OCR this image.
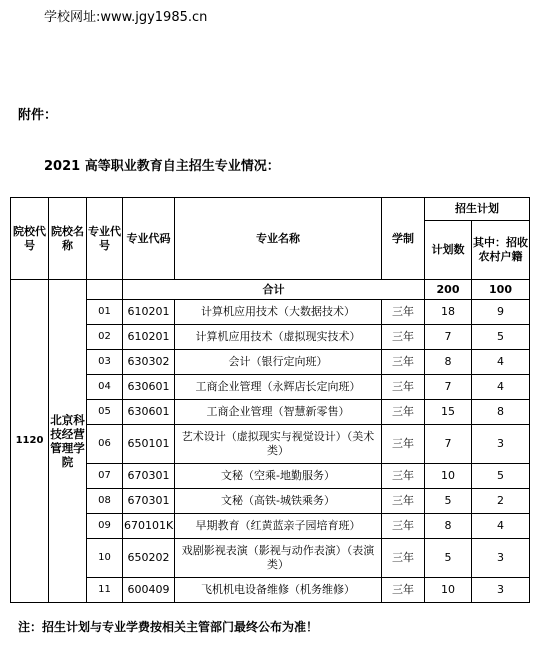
学校网址:www.jgy1985.cn
附件：
2021 高等职业教育自主招生专业情况：
院校代号	院校名称	专业代号	专业代码	专业名称	学制	招生计划	
						计划数	其中：招收农村户籍
1120	北京科技经营管理学院		合计			200	100
		01	610201	计算机应用技术（大数据技术）	三年	18	9
		02	610201	计算机应用技术（虚拟现实技术）	三年	7	5
		03	630302	会计（银行定向班）	三年	8	4
		04	630601	工商企业管理（永辉店长定向班）	三年	7	4
		05	630601	工商企业管理（智慧新零售）	三年	15	8
		06	650101	艺术设计（虚拟现实与视觉设计）（美术类）	三年	7	3
		07	670301	文秘（空乘-地勤服务）	三年	10	5
		08	670301	文秘（高铁-城铁乘务）	三年	5	2
		09	670101K	早期教育（红黄蓝亲子园培育班）	三年	8	4
		10	650202	戏剧影视表演（影视与动作表演）（表演类）	三年	5	3
		11	600409	飞机机电设备维修（机务维修）	三年	10	3
注：招生计划与专业学费按相关主管部门最终公布为准！
